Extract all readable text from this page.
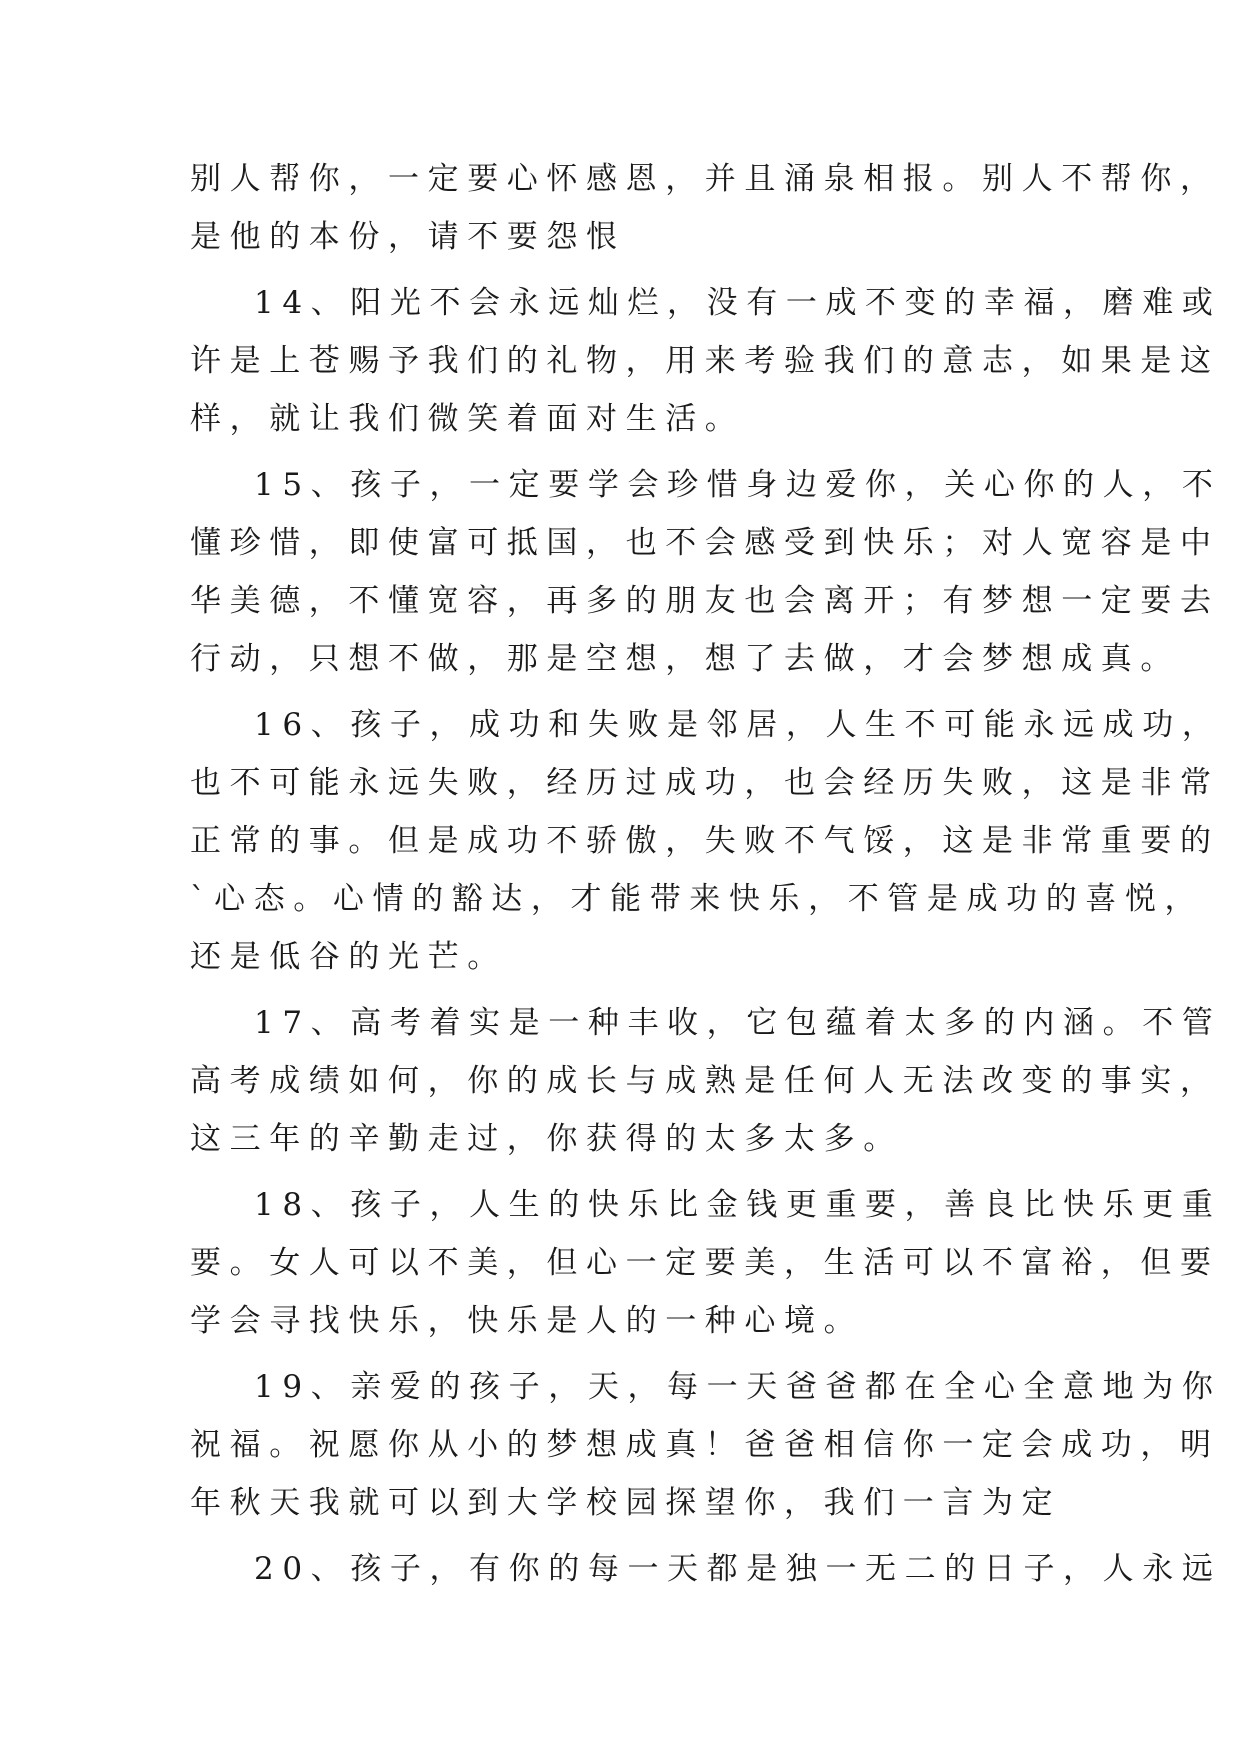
别人帮你，一定要心怀感恩，并且涌泉相报。别人不帮你，
是他的本份，请不要怨恨
14、阳光不会永远灿烂，没有一成不变的幸福，磨难或
许是上苍赐予我们的礼物，用来考验我们的意志，如果是这
样，就让我们微笑着面对生活。
15、孩子，一定要学会珍惜身边爱你，关心你的人，不
懂珍惜，即使富可抵国，也不会感受到快乐；对人宽容是中
华美德，不懂宽容，再多的朋友也会离开；有梦想一定要去
行动，只想不做，那是空想，想了去做，才会梦想成真。
16、孩子，成功和失败是邻居，人生不可能永远成功，
也不可能永远失败，经历过成功，也会经历失败，这是非常
正常的事。但是成功不骄傲，失败不气馁，这是非常重要的
`心态。心情的豁达，才能带来快乐，不管是成功的喜悦，
还是低谷的光芒。
17、高考着实是一种丰收，它包蕴着太多的内涵。不管
高考成绩如何，你的成长与成熟是任何人无法改变的事实，
这三年的辛勤走过，你获得的太多太多。
18、孩子，人生的快乐比金钱更重要，善良比快乐更重
要。女人可以不美，但心一定要美，生活可以不富裕，但要
学会寻找快乐，快乐是人的一种心境。
19、亲爱的孩子，天，每一天爸爸都在全心全意地为你
祝福。祝愿你从小的梦想成真！爸爸相信你一定会成功，明
年秋天我就可以到大学校园探望你，我们一言为定
20、孩子，有你的每一天都是独一无二的日子，人永远
